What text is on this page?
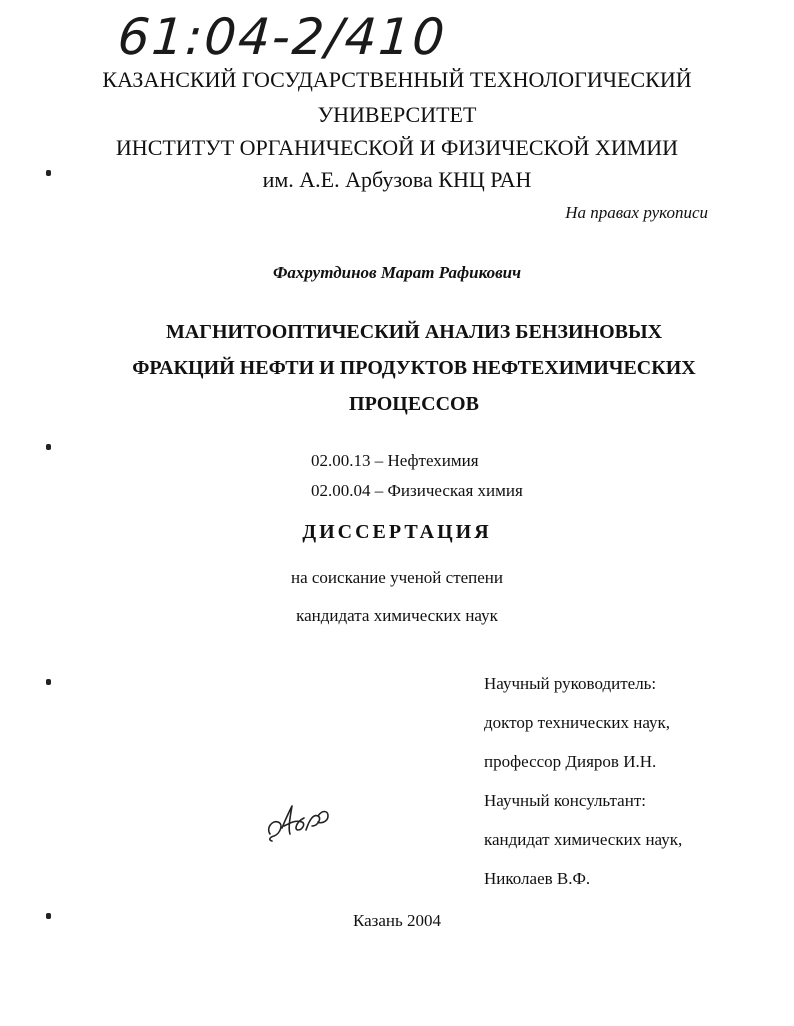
61:04-2/410
КАЗАНСКИЙ ГОСУДАРСТВЕННЫЙ ТЕХНОЛОГИЧЕСКИЙ
УНИВЕРСИТЕТ
ИНСТИТУТ ОРГАНИЧЕСКОЙ И ФИЗИЧЕСКОЙ ХИМИИ
им. А.Е. Арбузова КНЦ РАН
На правах рукописи
Фахрутдинов Марат Рафикович
МАГНИТООПТИЧЕСКИЙ АНАЛИЗ БЕНЗИНОВЫХ
ФРАКЦИЙ НЕФТИ И ПРОДУКТОВ НЕФТЕХИМИЧЕСКИХ
ПРОЦЕССОВ
02.00.13 – Нефтехимия
02.00.04 – Физическая химия
ДИССЕРТАЦИЯ
на соискание ученой степени
кандидата химических наук
Научный руководитель:
доктор технических наук,
профессор Дияров И.Н.
Научный консультант:
кандидат химических наук,
Николаев В.Ф.
Казань 2004
